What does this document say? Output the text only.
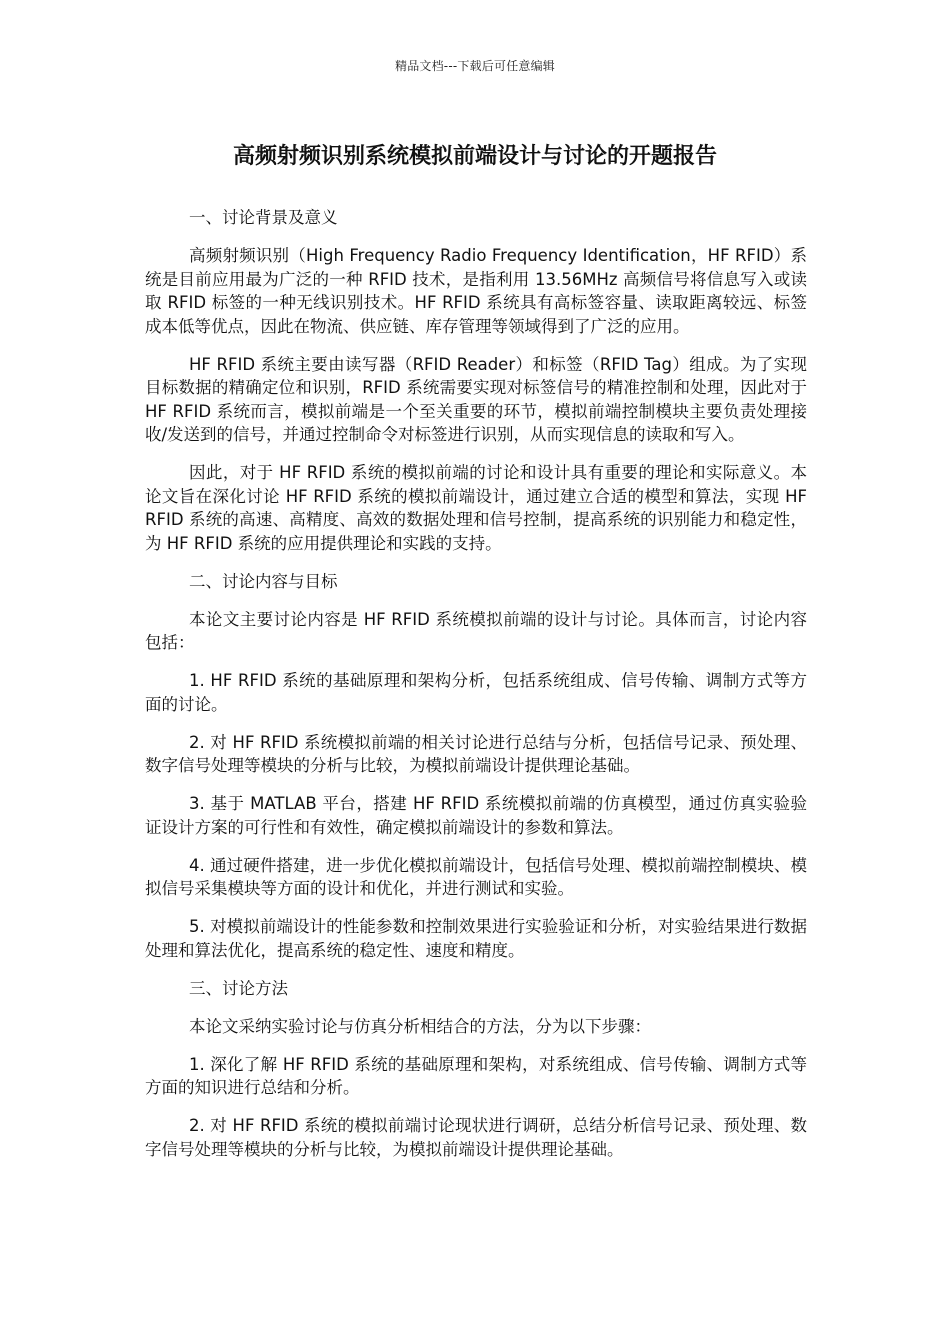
精品文档---下载后可任意编辑
高频射频识别系统模拟前端设计与讨论的开题报告

一、讨论背景及意义

高频射频识别（High Frequency Radio Frequency Identification，HF RFID）系统是目前应用最为广泛的一种 RFID 技术，是指利用 13.56MHz 高频信号将信息写入或读取 RFID 标签的一种无线识别技术。HF RFID 系统具有高标签容量、读取距离较远、标签成本低等优点，因此在物流、供应链、库存管理等领域得到了广泛的应用。

HF RFID 系统主要由读写器（RFID Reader）和标签（RFID Tag）组成。为了实现目标数据的精确定位和识别，RFID 系统需要实现对标签信号的精准控制和处理，因此对于 HF RFID 系统而言，模拟前端是一个至关重要的环节，模拟前端控制模块主要负责处理接收/发送到的信号，并通过控制命令对标签进行识别，从而实现信息的读取和写入。

因此，对于 HF RFID 系统的模拟前端的讨论和设计具有重要的理论和实际意义。本论文旨在深化讨论 HF RFID 系统的模拟前端设计，通过建立合适的模型和算法，实现 HF RFID 系统的高速、高精度、高效的数据处理和信号控制，提高系统的识别能力和稳定性，为 HF RFID 系统的应用提供理论和实践的支持。

二、讨论内容与目标

本论文主要讨论内容是 HF RFID 系统模拟前端的设计与讨论。具体而言，讨论内容包括：

1. HF RFID 系统的基础原理和架构分析，包括系统组成、信号传输、调制方式等方面的讨论。

2. 对 HF RFID 系统模拟前端的相关讨论进行总结与分析，包括信号记录、预处理、数字信号处理等模块的分析与比较，为模拟前端设计提供理论基础。

3. 基于 MATLAB 平台，搭建 HF RFID 系统模拟前端的仿真模型，通过仿真实验验证设计方案的可行性和有效性，确定模拟前端设计的参数和算法。

4. 通过硬件搭建，进一步优化模拟前端设计，包括信号处理、模拟前端控制模块、模拟信号采集模块等方面的设计和优化，并进行测试和实验。

5. 对模拟前端设计的性能参数和控制效果进行实验验证和分析，对实验结果进行数据处理和算法优化，提高系统的稳定性、速度和精度。

三、讨论方法

本论文采纳实验讨论与仿真分析相结合的方法，分为以下步骤：

1. 深化了解 HF RFID 系统的基础原理和架构，对系统组成、信号传输、调制方式等方面的知识进行总结和分析。

2. 对 HF RFID 系统的模拟前端讨论现状进行调研，总结分析信号记录、预处理、数字信号处理等模块的分析与比较，为模拟前端设计提供理论基础。
